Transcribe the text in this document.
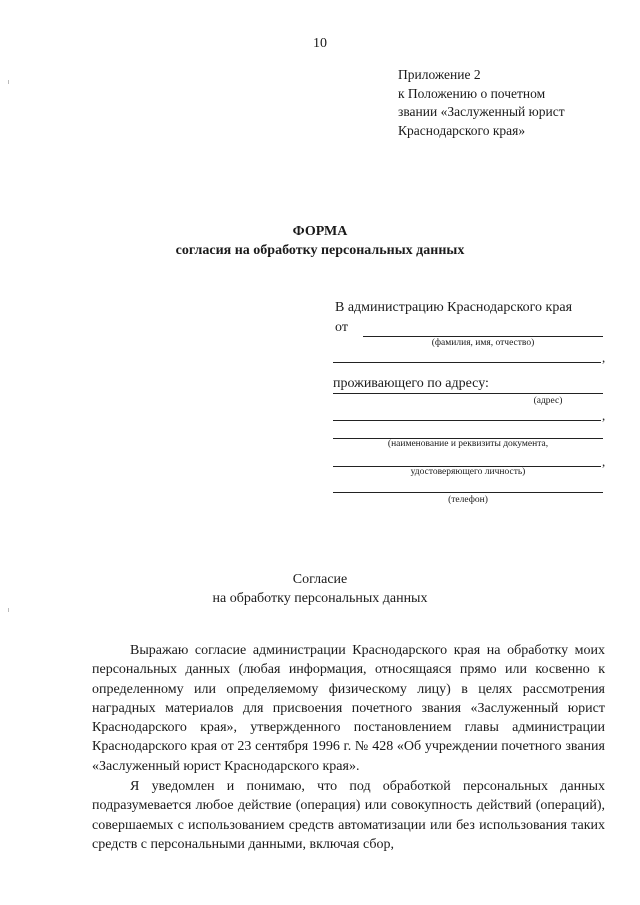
10
Приложение 2
к Положению о почетном
звании «Заслуженный юрист
Краснодарского края»
ФОРМА
согласия на обработку персональных данных
В администрацию Краснодарского края
от
(фамилия, имя, отчество)
,
проживающего по адресу:
(адрес)
,
(наименование и реквизиты документа,
,
удостоверяющего личность)
(телефон)
Согласие
на обработку персональных данных

Выражаю согласие администрации Краснодарского края на обработку моих персональных данных (любая информация, относящаяся прямо или косвенно к определенному или определяемому физическому лицу) в целях рассмотрения наградных материалов для присвоения почетного звания «Заслуженный юрист Краснодарского края», утвержденного постановлением главы администрации Краснодарского края от 23 сентября 1996 г. № 428 «Об учреждении почетного звания «Заслуженный юрист Краснодарского края».

Я уведомлен и понимаю, что под обработкой персональных данных подразумевается любое действие (операция) или совокупность действий (операций), совершаемых с использованием средств автоматизации или без использования таких средств с персональными данными, включая сбор,
